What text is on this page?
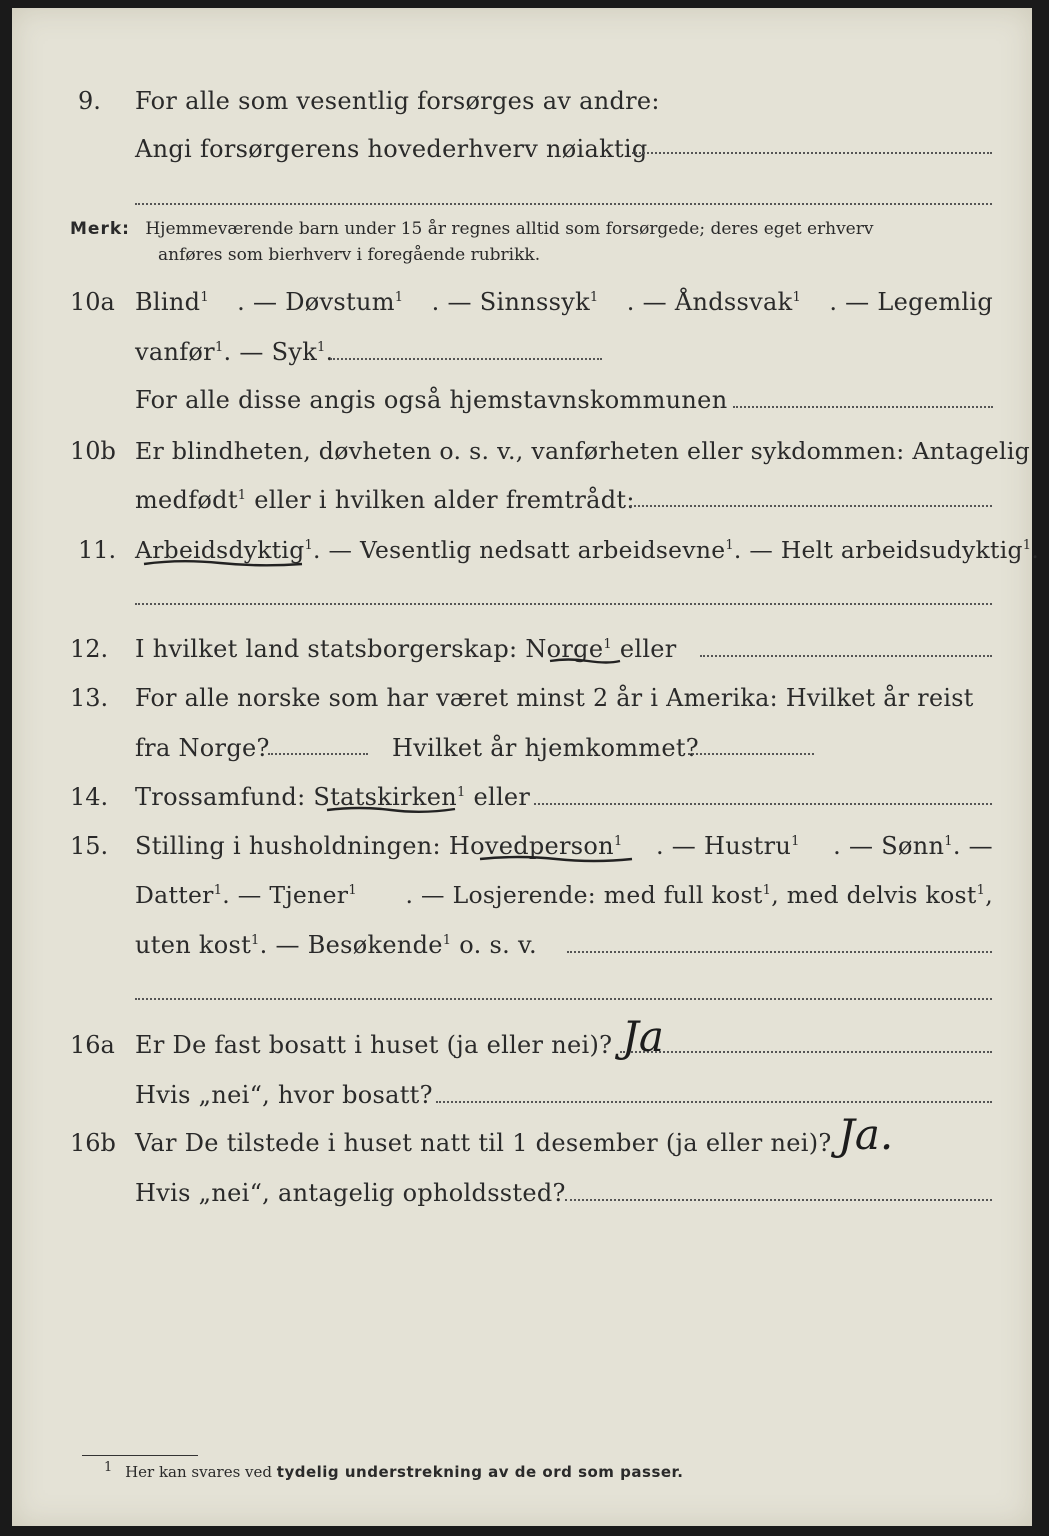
9. For alle som vesentlig forsørges av andre:
Angi forsørgerens hovederhverv nøiaktig
Merk: Hjemmeværende barn under 15 år regnes alltid som forsørgede; deres eget erhverv
anføres som bierhverv i foregående rubrikk.
10a Blind$^1$ . — Døvstum$^1$ . — Sinnssyk$^1$ . — Åndssvak$^1$ . — Legemlig
vanfør$^1$. — Syk$^1$.
For alle disse angis også hjemstavnskommunen
10b Er blindheten, døvheten o. s. v., vanførheten eller sykdommen: Antagelig
medfødt$^1$ eller i hvilken alder fremtrådt:
11. Arbeidsdyktig$^1$. — Vesentlig nedsatt arbeidsevne$^1$. — Helt arbeidsudyktig$^1$.
12. I hvilket land statsborgerskap: Norge$^1$ eller
13. For alle norske som har været minst 2 år i Amerika: Hvilket år reist
fra Norge?	Hvilket år hjemkommet?
14. Trossamfund: Statskirken$^1$ eller
15. Stilling i husholdningen: Hovedperson$^1$ . — Hustru$^1$ . — Sønn$^1$. —
Datter$^1$. — Tjener$^1$ . — Losjerende: med full kost$^1$, med delvis kost$^1$,
uten kost$^1$. — Besøkende$^1$ o. s. v.
16a Er De fast bosatt i huset (ja eller nei)?
Hvis „nei“, hvor bosatt?
Ja
16b Var De tilstede i huset natt til 1 desember (ja eller nei)?
Hvis „nei“, antagelig opholdssted?
Ja.
1 Her kan svares ved tydelig understrekning av de ord som passer.
